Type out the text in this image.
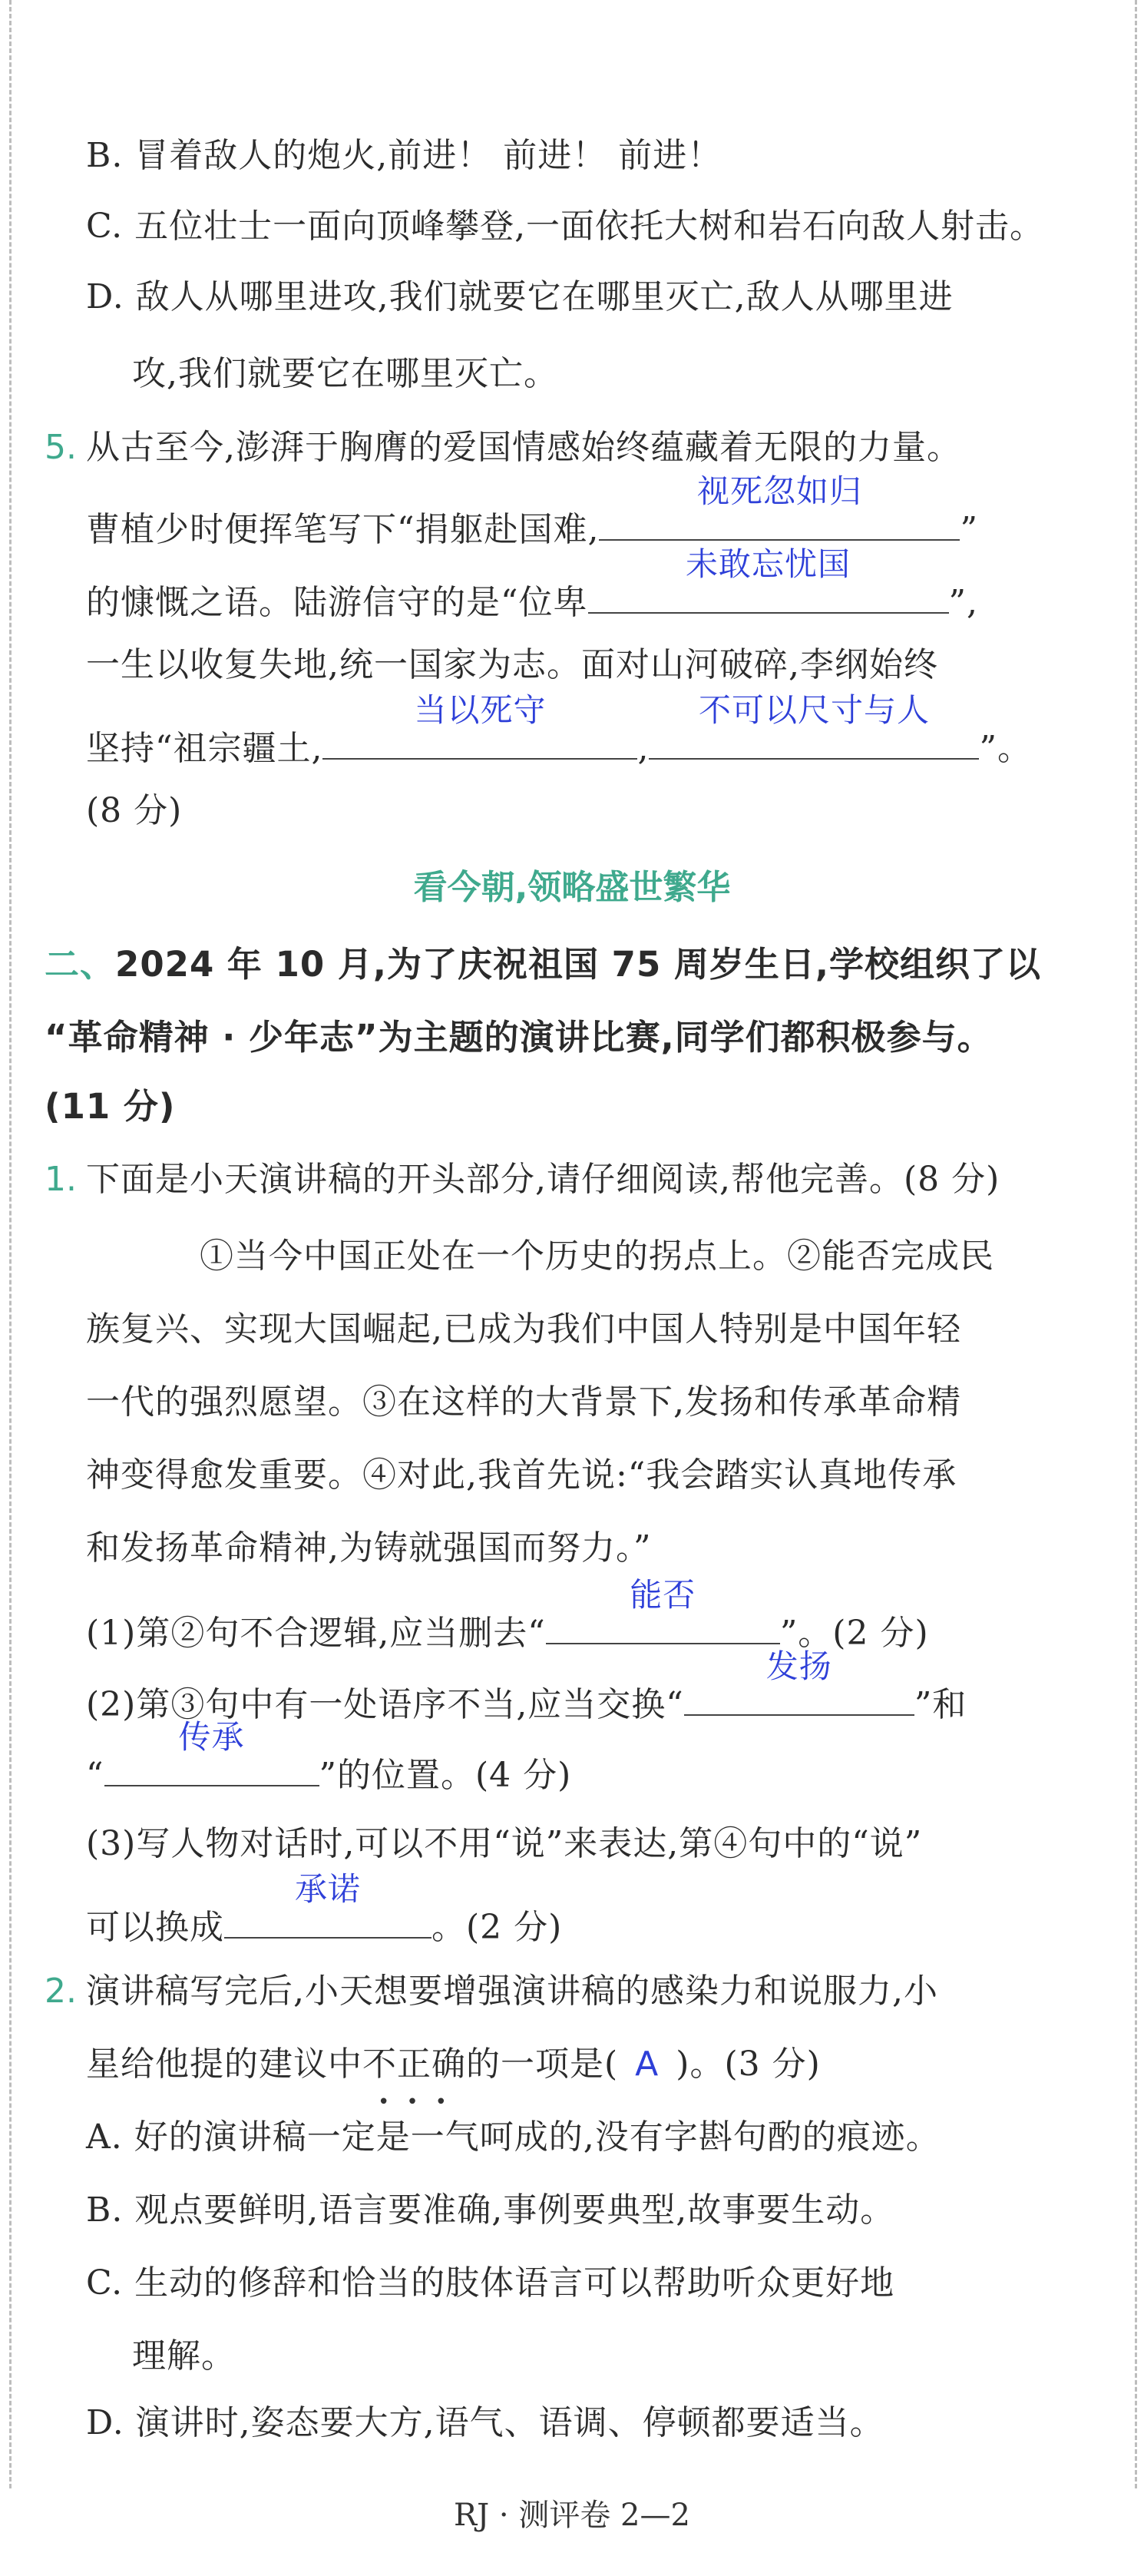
B. 冒着敌人的炮火,前进！ 前进！ 前进！
C. 五位壮士一面向顶峰攀登,一面依托大树和岩石向敌人射击。
D. 敌人从哪里进攻,我们就要它在哪里灭亡,敌人从哪里进
攻,我们就要它在哪里灭亡。
5. 从古至今,澎湃于胸膺的爱国情感始终蕴藏着无限的力量。
曹植少时便挥笔写下“捐躯赴国难,
视死忽如归
”
的慷慨之语。陆游信守的是“位卑
未敢忘忧国
”,
一生以收复失地,统一国家为志。面对山河破碎,李纲始终
坚持“祖宗疆土,
当以死守
,
不可以尺寸与人
”。
(8 分)
看今朝,领略盛世繁华
二、2024 年 10 月,为了庆祝祖国 75 周岁生日,学校组织了以
“革命精神 · 少年志”为主题的演讲比赛,同学们都积极参与。
(11 分)
1. 下面是小天演讲稿的开头部分,请仔细阅读,帮他完善。(8 分)
①当今中国正处在一个历史的拐点上。②能否完成民
族复兴、实现大国崛起,已成为我们中国人特别是中国年轻
一代的强烈愿望。③在这样的大背景下,发扬和传承革命精
神变得愈发重要。④对此,我首先说:“我会踏实认真地传承
和发扬革命精神,为铸就强国而努力。”
(1)第②句不合逻辑,应当删去“
能否
”。(2 分)
(2)第③句中有一处语序不当,应当交换“
发扬
”和
“
传承
”的位置。(4 分)
(3)写人物对话时,可以不用“说”来表达,第④句中的“说”
可以换成
承诺
。(2 分)
2. 演讲稿写完后,小天想要增强演讲稿的感染力和说服力,小
星给他提的建议中不正确的一项是( A )。(3 分)
•••
A. 好的演讲稿一定是一气呵成的,没有字斟句酌的痕迹。
B. 观点要鲜明,语言要准确,事例要典型,故事要生动。
C. 生动的修辞和恰当的肢体语言可以帮助听众更好地
理解。
D. 演讲时,姿态要大方,语气、语调、停顿都要适当。
RJ · 测评卷 2—2
